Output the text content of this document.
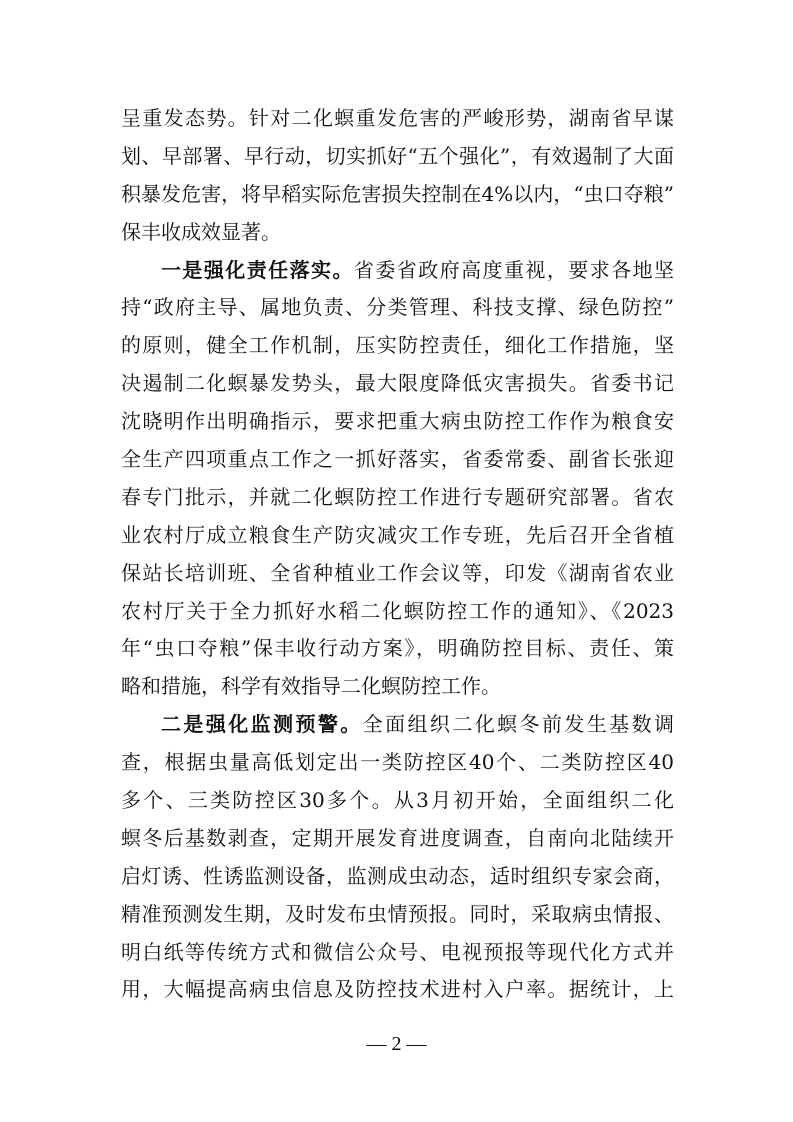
呈重发态势。针对二化螟重发危害的严峻形势，湖南省早谋
划、早部署、早行动，切实抓好“五个强化”，有效遏制了大面
积暴发危害，将早稻实际危害损失控制在4%以内，“虫口夺粮”
保丰收成效显著。
一是强化责任落实。省委省政府高度重视，要求各地坚
持“政府主导、属地负责、分类管理、科技支撑、绿色防控”
的原则，健全工作机制，压实防控责任，细化工作措施，坚
决遏制二化螟暴发势头，最大限度降低灾害损失。省委书记
沈晓明作出明确指示，要求把重大病虫防控工作作为粮食安
全生产四项重点工作之一抓好落实，省委常委、副省长张迎
春专门批示，并就二化螟防控工作进行专题研究部署。省农
业农村厅成立粮食生产防灾减灾工作专班，先后召开全省植
保站长培训班、全省种植业工作会议等，印发《湖南省农业
农村厅关于全力抓好水稻二化螟防控工作的通知》、《2023
年“虫口夺粮”保丰收行动方案》，明确防控目标、责任、策
略和措施，科学有效指导二化螟防控工作。
二是强化监测预警。全面组织二化螟冬前发生基数调
查，根据虫量高低划定出一类防控区40个、二类防控区40
多个、三类防控区30多个。从3月初开始，全面组织二化
螟冬后基数剥查，定期开展发育进度调查，自南向北陆续开
启灯诱、性诱监测设备，监测成虫动态，适时组织专家会商，
精准预测发生期，及时发布虫情预报。同时，采取病虫情报、
明白纸等传统方式和微信公众号、电视预报等现代化方式并
用，大幅提高病虫信息及防控技术进村入户率。据统计，上
— 2 —
